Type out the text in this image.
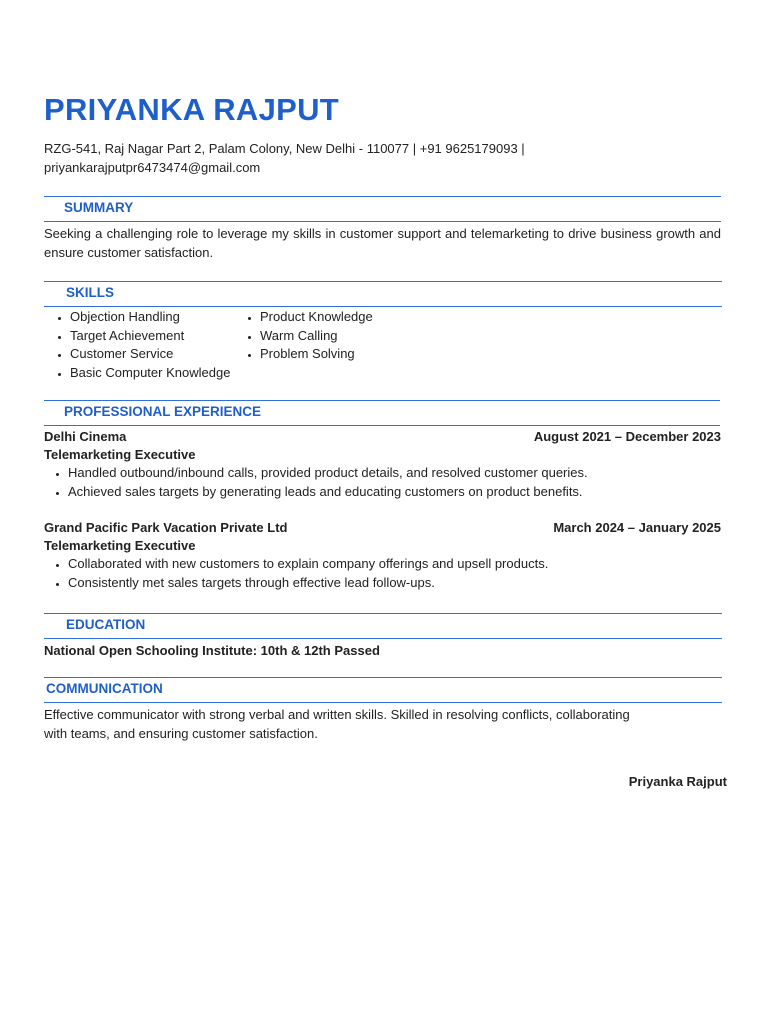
PRIYANKA RAJPUT
RZG-541, Raj Nagar Part 2, Palam Colony, New Delhi - 110077 | +91 9625179093 |
priyankarajputpr6473474@gmail.com
SUMMARY
Seeking a challenging role to leverage my skills in customer support and telemarketing to drive business growth and ensure customer satisfaction.
SKILLS
• Objection Handling
• Target Achievement
• Customer Service
• Basic Computer Knowledge
• Product Knowledge
• Warm Calling
• Problem Solving
PROFESSIONAL EXPERIENCE
Delhi Cinema	August 2021 – December 2023
Telemarketing Executive
• Handled outbound/inbound calls, provided product details, and resolved customer queries.
• Achieved sales targets by generating leads and educating customers on product benefits.
Grand Pacific Park Vacation Private Ltd	March 2024 – January 2025
Telemarketing Executive
• Collaborated with new customers to explain company offerings and upsell products.
• Consistently met sales targets through effective lead follow-ups.
EDUCATION
National Open Schooling Institute: 10th & 12th Passed
COMMUNICATION
Effective communicator with strong verbal and written skills. Skilled in resolving conflicts, collaborating
with teams, and ensuring customer satisfaction.
Priyanka Rajput
